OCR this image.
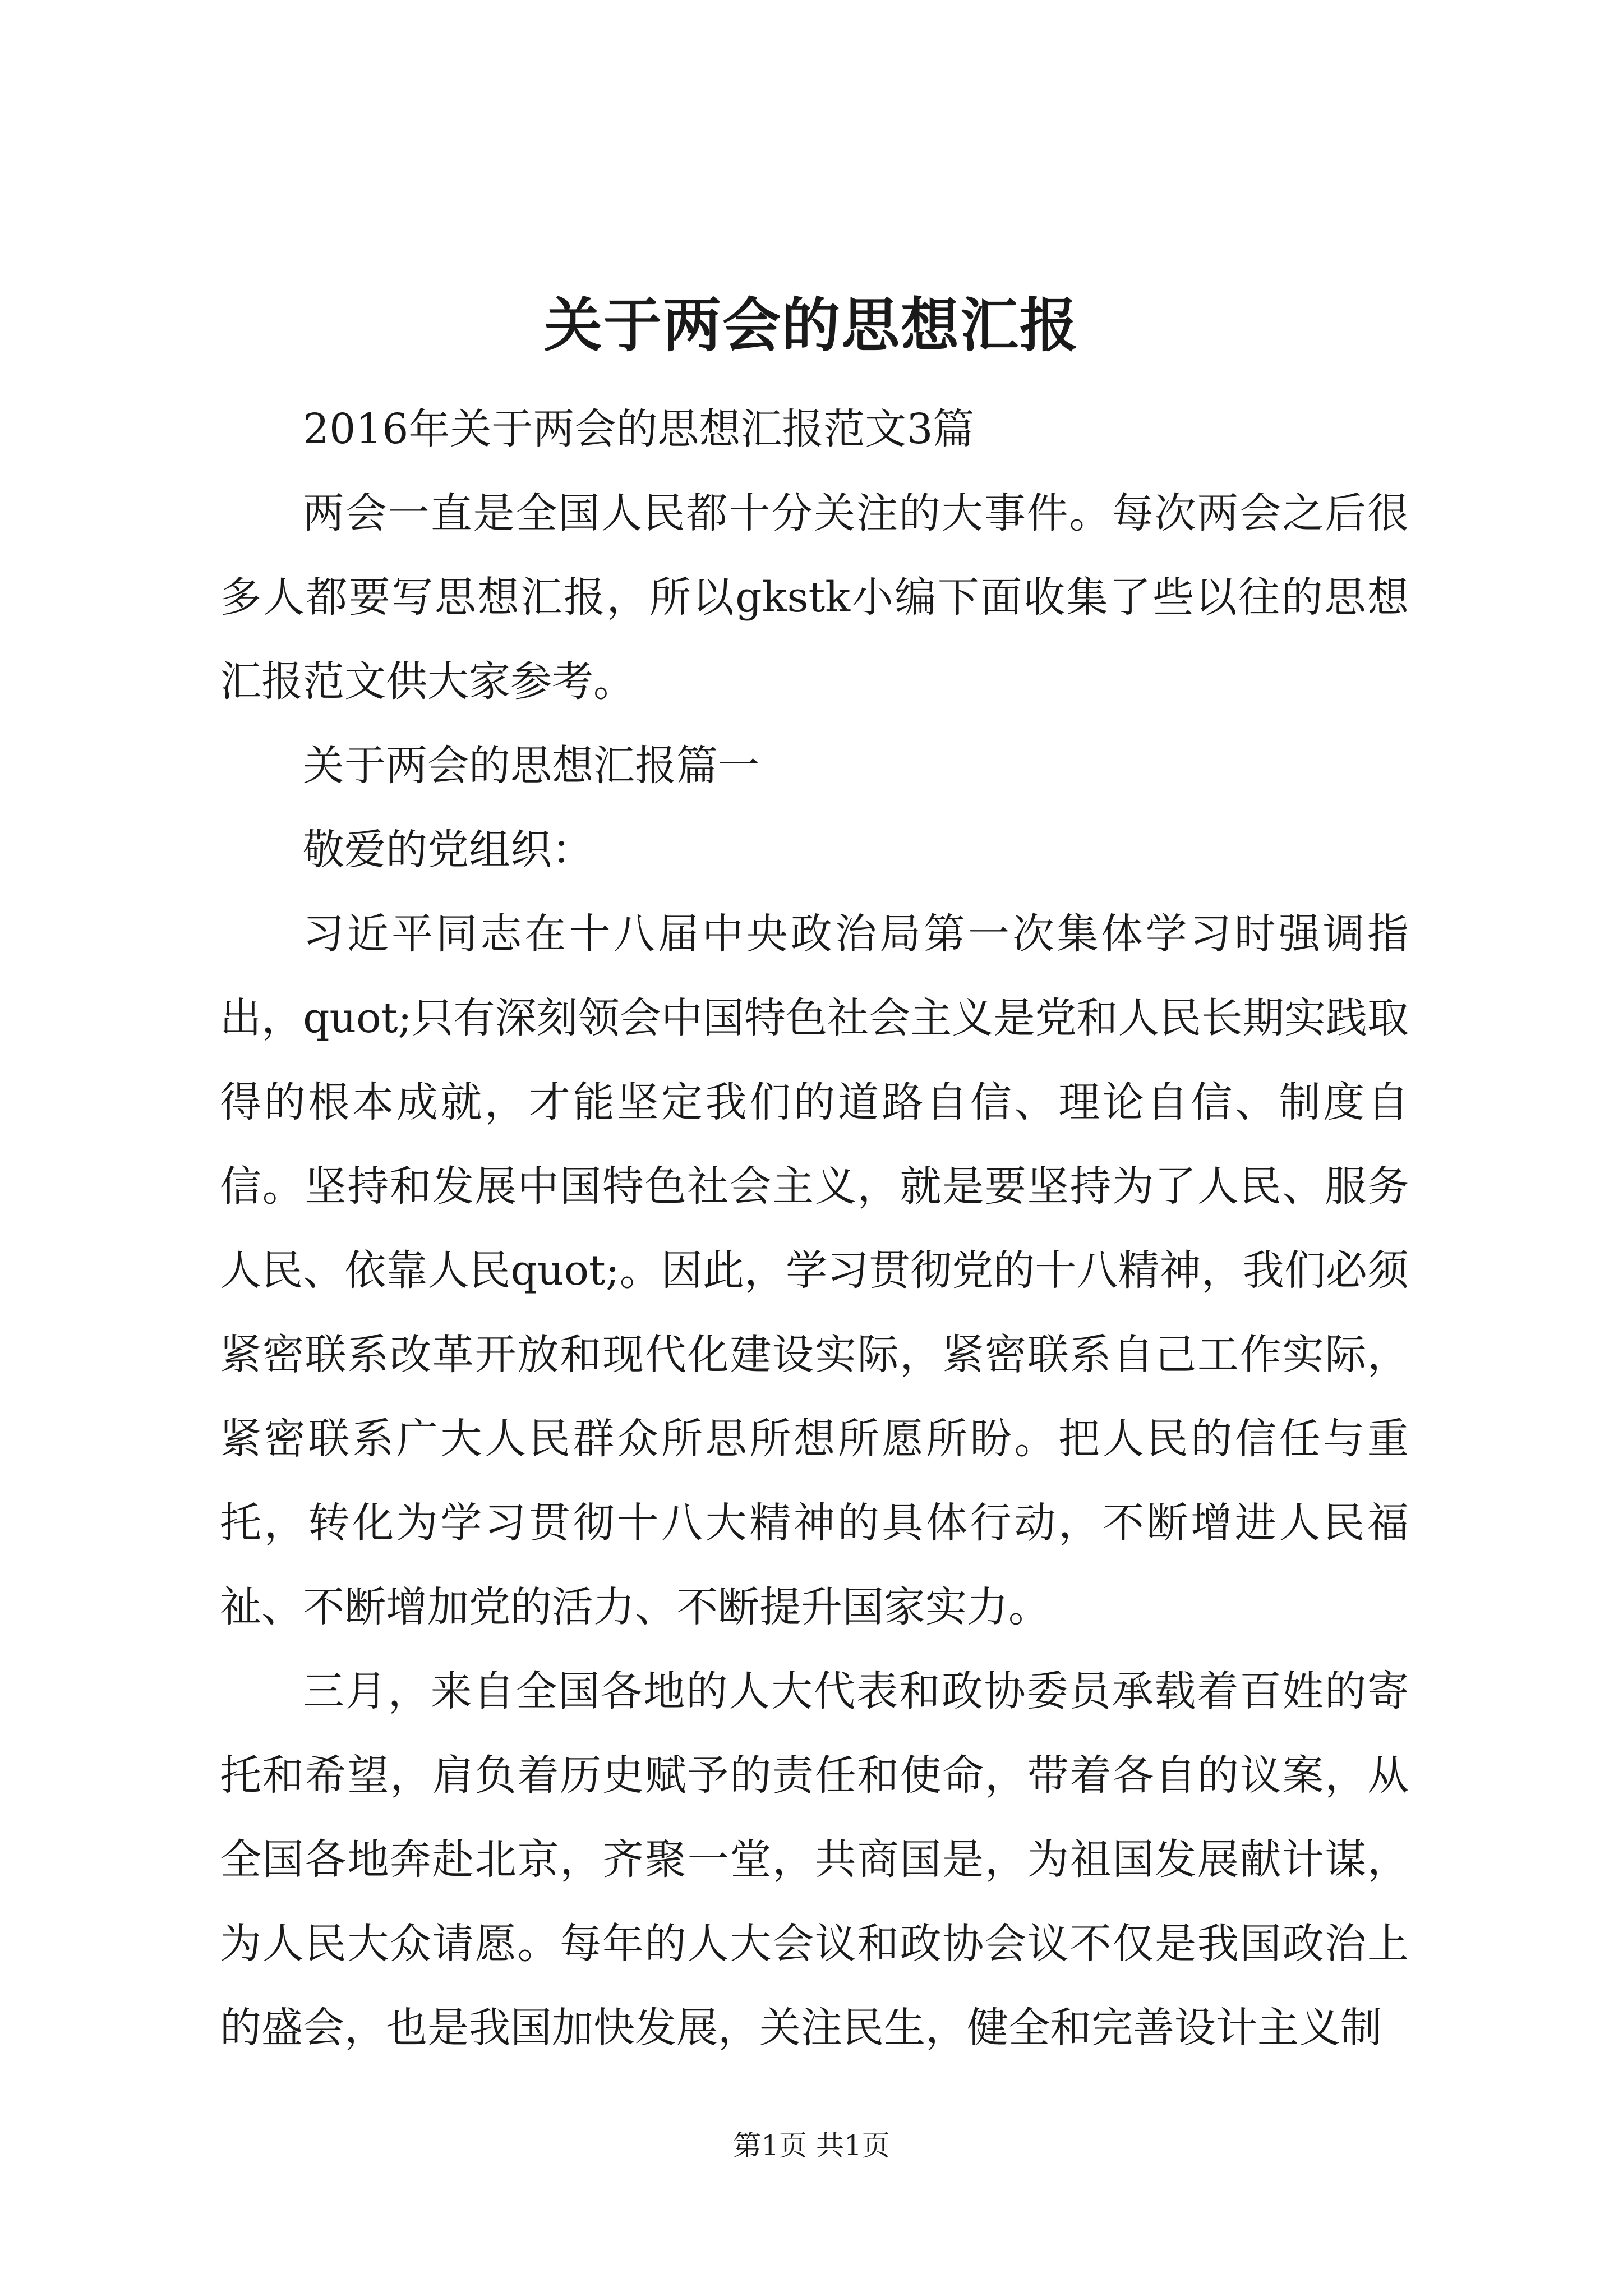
关于两会的思想汇报

2016年关于两会的思想汇报范文3篇

两会一直是全国人民都十分关注的大事件。每次两会之后很多人都要写思想汇报，所以gkstk小编下面收集了些以往的思想汇报范文供大家参考。

关于两会的思想汇报篇一

敬爱的党组织：

习近平同志在十八届中央政治局第一次集体学习时强调指出，quot;只有深刻领会中国特色社会主义是党和人民长期实践取得的根本成就，才能坚定我们的道路自信、理论自信、制度自信。坚持和发展中国特色社会主义，就是要坚持为了人民、服务人民、依靠人民quot;。因此，学习贯彻党的十八精神，我们必须紧密联系改革开放和现代化建设实际，紧密联系自己工作实际，紧密联系广大人民群众所思所想所愿所盼。把人民的信任与重托，转化为学习贯彻十八大精神的具体行动，不断增进人民福祉、不断增加党的活力、不断提升国家实力。

三月，来自全国各地的人大代表和政协委员承载着百姓的寄托和希望，肩负着历史赋予的责任和使命，带着各自的议案，从全国各地奔赴北京，齐聚一堂，共商国是，为祖国发展献计谋，为人民大众请愿。每年的人大会议和政协会议不仅是我国政治上的盛会，也是我国加快发展，关注民生，健全和完善设计主义制

第1页 共1页
